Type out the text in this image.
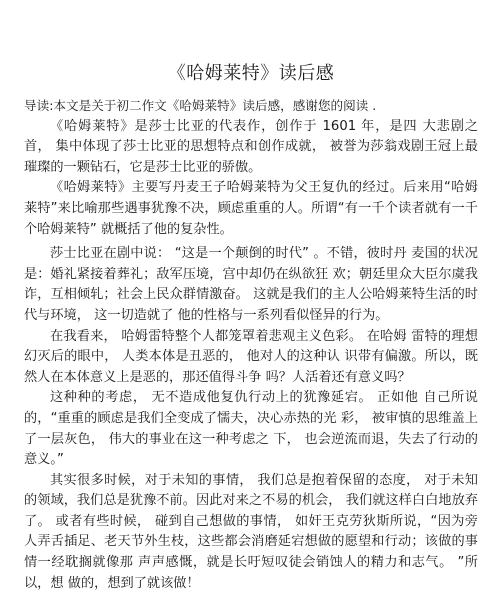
《哈姆莱特》读后感

导读:本文是关于初二作文《哈姆莱特》读后感，感谢您的阅读 .

《哈姆莱特》是莎士比亚的代表作，创作于 1601 年，是四 大悲剧之首， 集中体现了莎士比亚的思想特点和创作成就， 被誉为莎翁戏剧王冠上最璀璨的一颗钻石，它是莎士比亚的骄傲。

《哈姆莱特》主要写丹麦王子哈姆莱特为父王复仇的经过。后来用“哈姆莱特”来比喻那些遇事犹豫不决，顾虑重重的人。所谓“有一千个读者就有一千个哈姆莱特” 就概括了他的复杂性。

莎士比亚在剧中说： “这是一个颠倒的时代” 。不错，彼时丹 麦国的状况是：婚礼紧接着葬礼；敌军压境，宫中却仍在纵欲狂 欢；朝廷里众大臣尔虞我诈，互相倾轧；社会上民众群情激奋。 这就是我们的主人公哈姆莱特生活的时代与环境， 这一切造就了 他的性格与一系列看似怪异的行为。

在我看来， 哈姆雷特整个人都笼罩着悲观主义色彩。 在哈姆 雷特的理想幻灭后的眼中， 人类本体是丑恶的， 他对人的这种认 识带有偏激。所以，既然人在本体意义上是恶的，那还值得斗争 吗？人活着还有意义吗？

这种种的考虑， 无不造成他复仇行动上的犹豫延宕。 正如他 自己所说的，“重重的顾虑是我们全变成了懦夫，决心赤热的光 彩， 被审慎的思维盖上了一层灰色， 伟大的事业在这一种考虑之 下， 也会逆流而退，失去了行动的意义。”

其实很多时候，对于未知的事情， 我们总是抱着保留的态度， 对于未知的领域，我们总是犹豫不前。因此对来之不易的机会， 我们就这样白白地放弃了。 或者有些时候， 碰到自己想做的事情， 如奸王克劳狄斯所说，“因为旁人弄舌插足、老天节外生枝，这些都会消磨延宕想做的愿望和行动；该做的事情一经耽搁就像那 声声感慨，就是长吁短叹徒会销蚀人的精力和志气。 ”所以，想 做的，想到了就该做！
